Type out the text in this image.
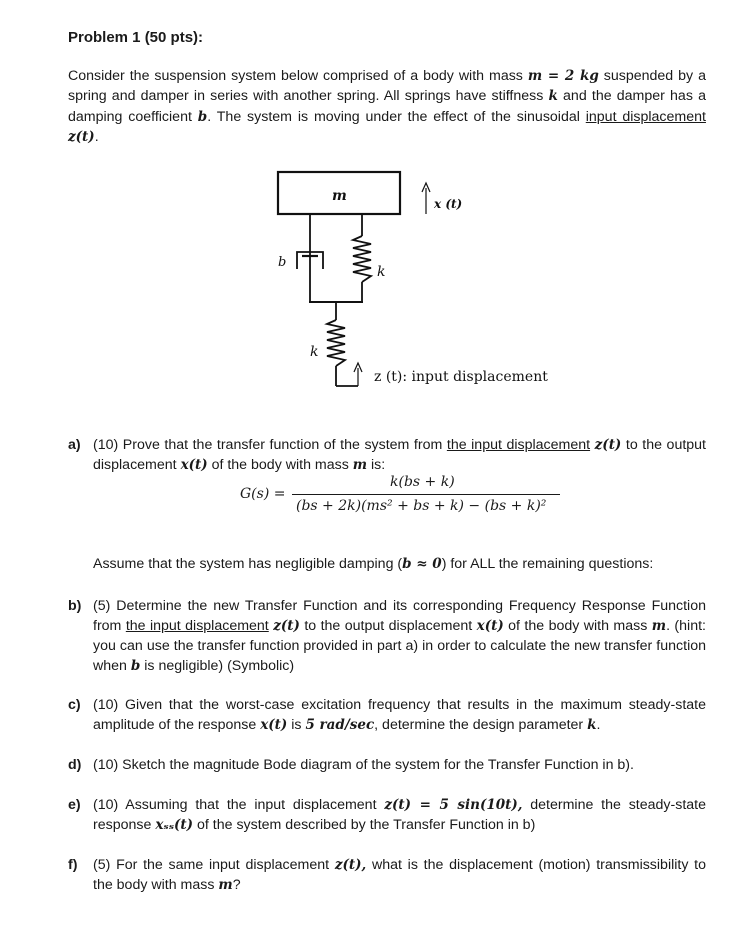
Problem 1 (50 pts):
Consider the suspension system below comprised of a body with mass m = 2 kg suspended by a spring and damper in series with another spring. All springs have stiffness k and the damper has a damping coefficient b. The system is moving under the effect of the sinusoidal input displacement z(t).
m	x (t)
b
k
k
z (t): input displacement
a) (10) Prove that the transfer function of the system from the input displacement z(t) to the output displacement x(t) of the body with mass m is:
G(s) =
k(bs + k)
(bs + 2k)(ms² + bs + k) − (bs + k)²
Assume that the system has negligible damping (b ≈ 0) for ALL the remaining questions:
b) (5) Determine the new Transfer Function and its corresponding Frequency Response Function from the input displacement z(t) to the output displacement x(t) of the body with mass m. (hint: you can use the transfer function provided in part a) in order to calculate the new transfer function when b is negligible) (Symbolic)
c) (10) Given that the worst-case excitation frequency that results in the maximum steady-state amplitude of the response x(t) is 5 rad/sec, determine the design parameter k.
d) (10) Sketch the magnitude Bode diagram of the system for the Transfer Function in b).
e) (10) Assuming that the input displacement z(t) = 5 sin(10t), determine the steady-state response xₛₛ(t) of the system described by the Transfer Function in b)
f) (5) For the same input displacement z(t), what is the displacement (motion) transmissibility to the body with mass m?
